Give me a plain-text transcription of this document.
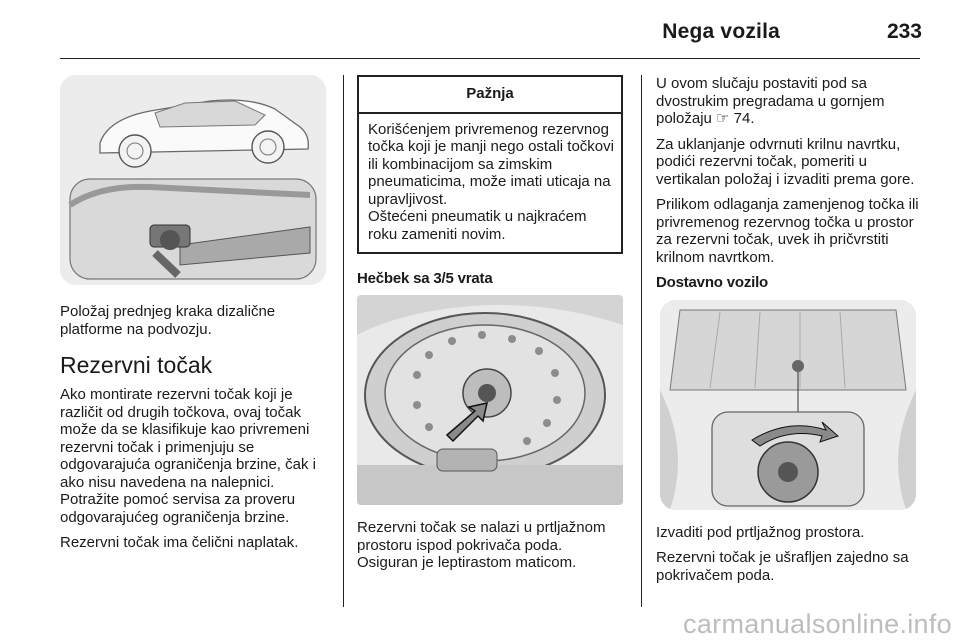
Nega vozila	233

Položaj prednjeg kraka dizalične platforme na podvozju.

Rezervni točak

Ako montirate rezervni točak koji je različit od drugih točkova, ovaj točak može da se klasifikuje kao privremeni rezervni točak i primenjuju se odgovarajuća ograničenja brzine, čak i ako nisu navedena na nalepnici. Potražite pomoć servisa za proveru odgovarajućeg ograničenja brzine.

Rezervni točak ima čelični naplatak.

Pažnja
Korišćenjem privremenog rezervnog točka koji je manji nego ostali točkovi ili kombinacijom sa zimskim pneumaticima, može imati uticaja na upravljivost.
Oštećeni pneumatik u najkraćem roku zameniti novim.
Hečbek sa 3/5 vrata

Rezervni točak se nalazi u prtljažnom prostoru ispod pokrivača poda. Osiguran je leptirastom maticom.

U ovom slučaju postaviti pod sa dvostrukim pregradama u gornjem položaju ☞ 74.

Za uklanjanje odvrnuti krilnu navrtku, podići rezervni točak, pomeriti u vertikalan položaj i izvaditi prema gore.

Prilikom odlaganja zamenjenog točka ili privremenog rezervnog točka u prostor za rezervni točak, uvek ih pričvrstiti krilnom navrtkom.

Dostavno vozilo

Izvaditi pod prtljažnog prostora.

Rezervni točak je ušrafljen zajedno sa pokrivačem poda.

carmanualsonline.info
